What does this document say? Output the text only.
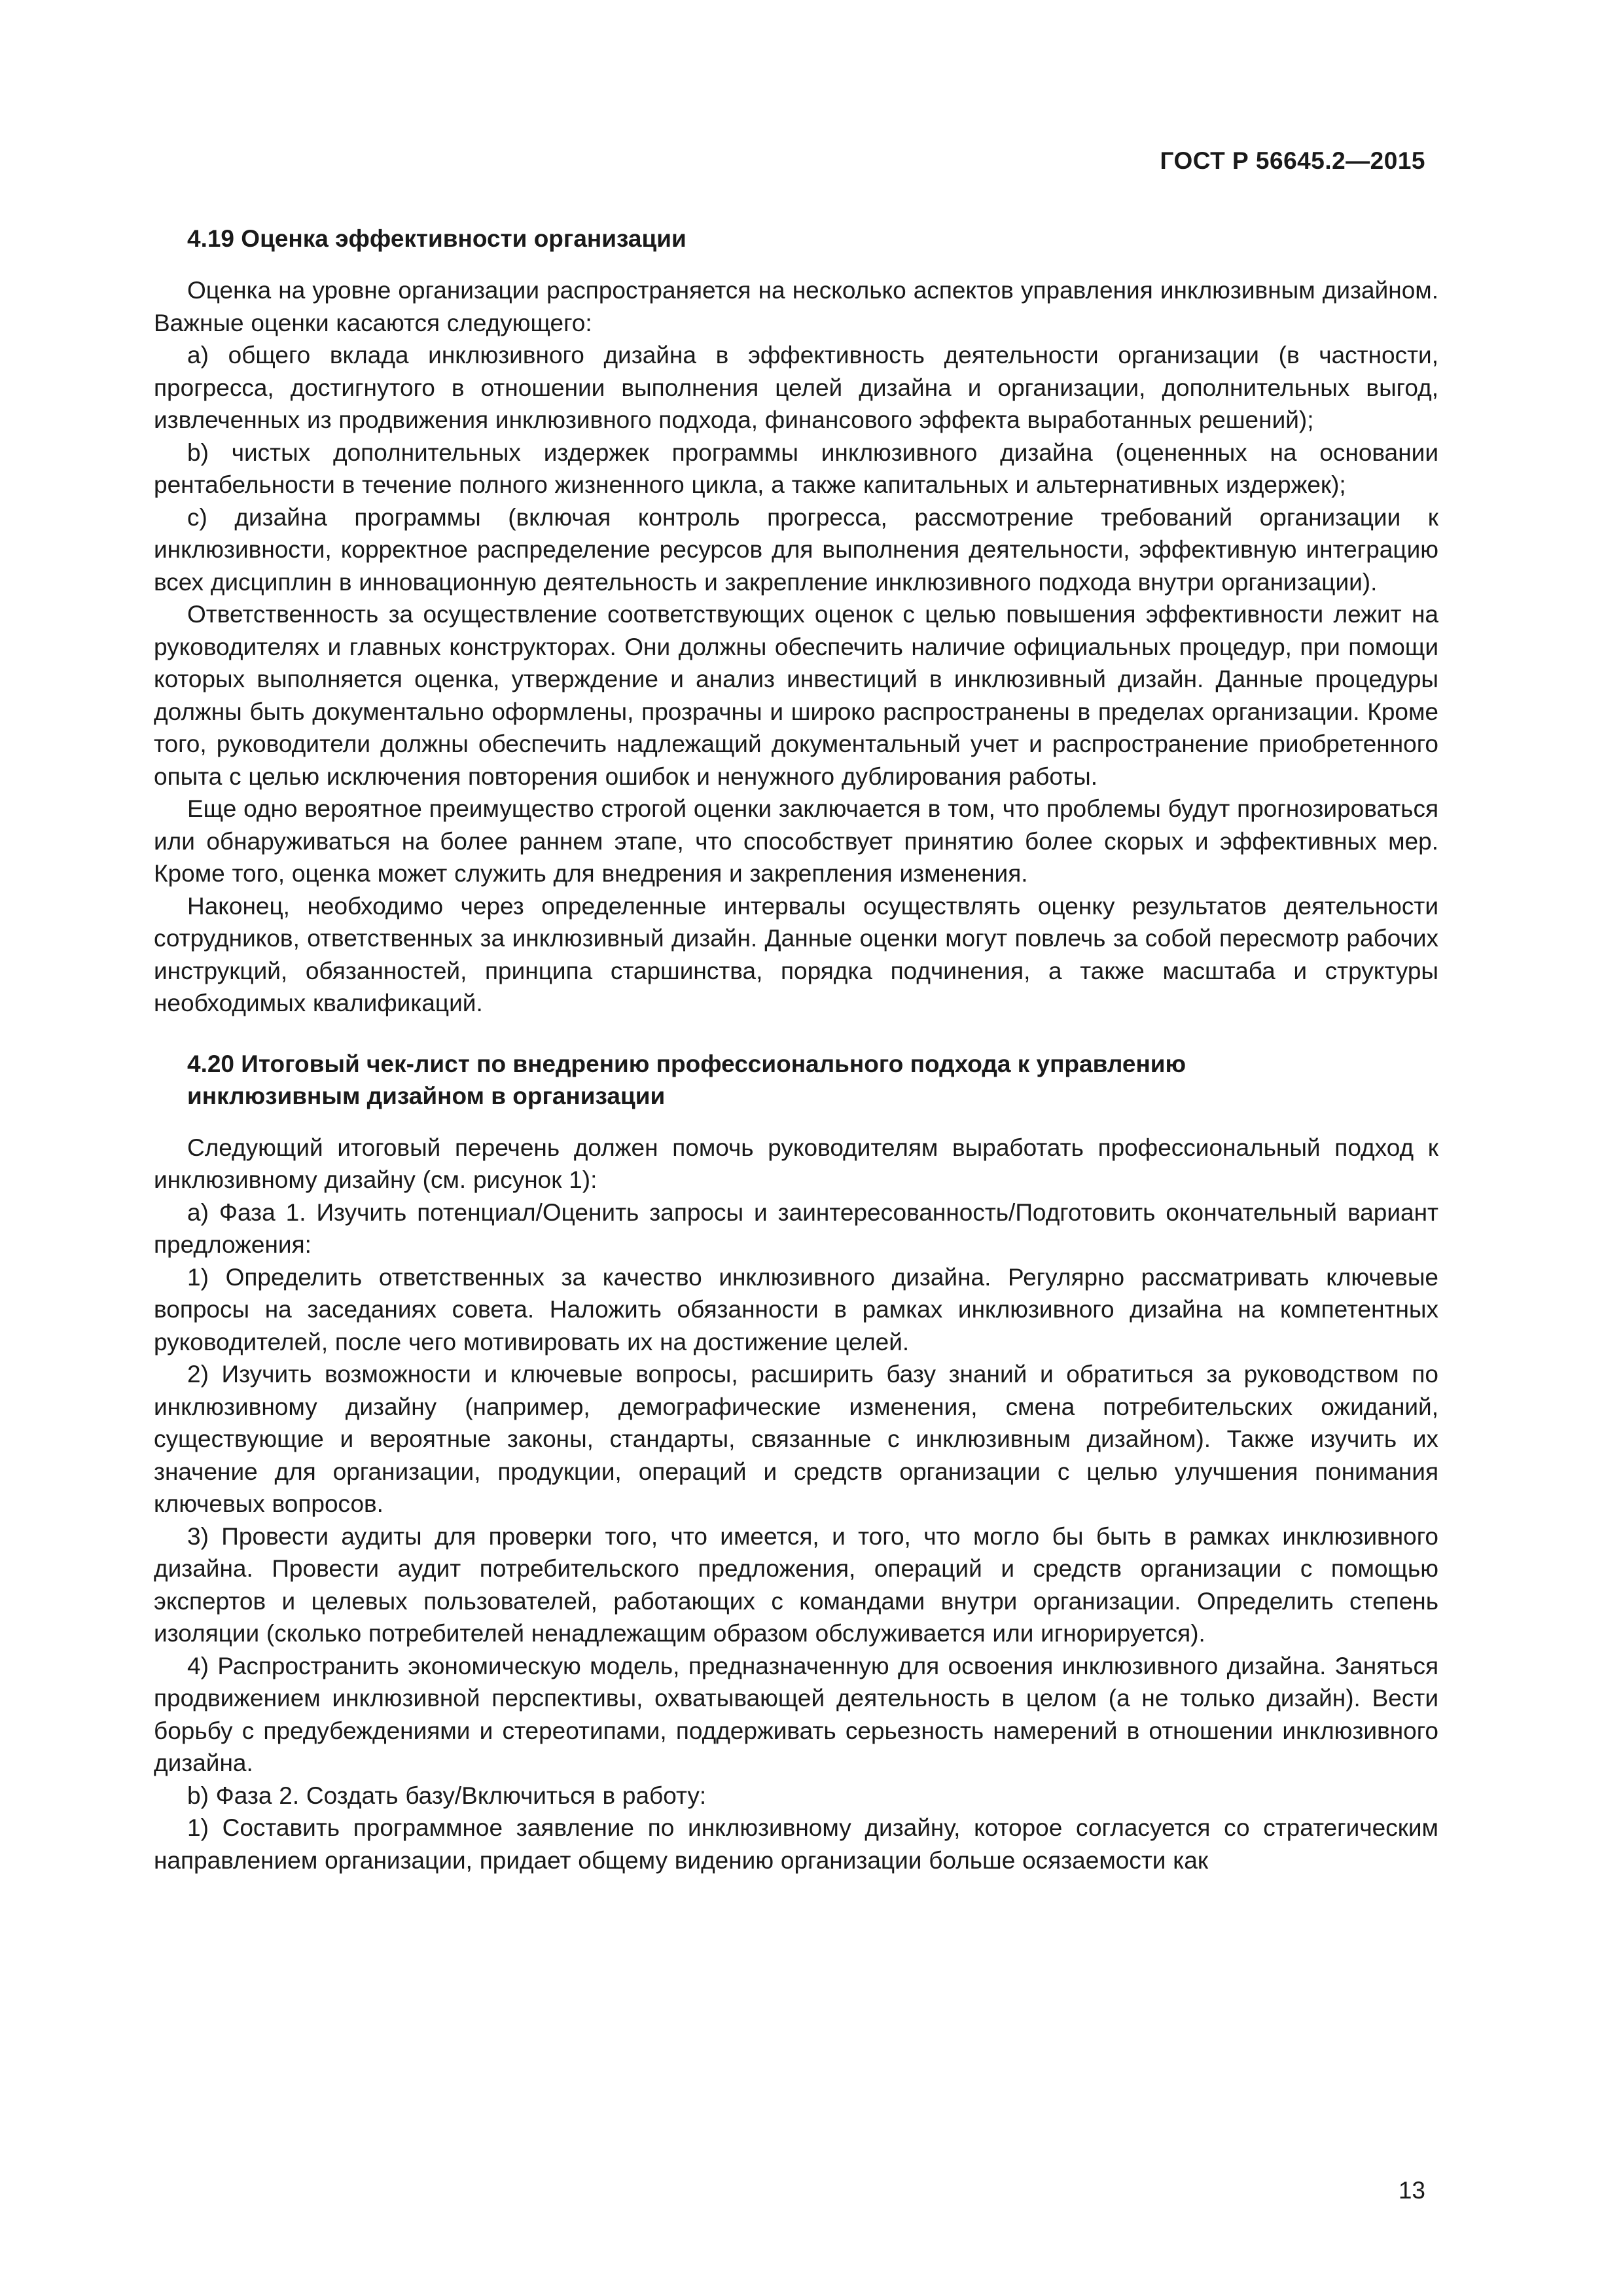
ГОСТ Р 56645.2—2015
4.19 Оценка эффективности организации

Оценка на уровне организации распространяется на несколько аспектов управления инклюзивным дизайном. Важные оценки касаются следующего:

a) общего вклада инклюзивного дизайна в эффективность деятельности организации (в частности, прогресса, достигнутого в отношении выполнения целей дизайна и организации, дополнительных выгод, извлеченных из продвижения инклюзивного подхода, финансового эффекта выработанных решений);

b) чистых дополнительных издержек программы инклюзивного дизайна (оцененных на основании рентабельности в течение полного жизненного цикла, а также капитальных и альтернативных издержек);

c) дизайна программы (включая контроль прогресса, рассмотрение требований организации к инклюзивности, корректное распределение ресурсов для выполнения деятельности, эффективную интеграцию всех дисциплин в инновационную деятельность и закрепление инклюзивного подхода внутри организации).

Ответственность за осуществление соответствующих оценок с целью повышения эффективности лежит на руководителях и главных конструкторах. Они должны обеспечить наличие официальных процедур, при помощи которых выполняется оценка, утверждение и анализ инвестиций в инклюзивный дизайн. Данные процедуры должны быть документально оформлены, прозрачны и широко распространены в пределах организации. Кроме того, руководители должны обеспечить надлежащий документальный учет и распространение приобретенного опыта с целью исключения повторения ошибок и ненужного дублирования работы.

Еще одно вероятное преимущество строгой оценки заключается в том, что проблемы будут прогнозироваться или обнаруживаться на более раннем этапе, что способствует принятию более скорых и эффективных мер. Кроме того, оценка может служить для внедрения и закрепления изменения.

Наконец, необходимо через определенные интервалы осуществлять оценку результатов деятельности сотрудников, ответственных за инклюзивный дизайн. Данные оценки могут повлечь за собой пересмотр рабочих инструкций, обязанностей, принципа старшинства, порядка подчинения, а также масштаба и структуры необходимых квалификаций.

4.20 Итоговый чек-лист по внедрению профессионального подхода к управлению
инклюзивным дизайном в организации

Следующий итоговый перечень должен помочь руководителям выработать профессиональный подход к инклюзивному дизайну (см. рисунок 1):

a) Фаза 1. Изучить потенциал/Оценить запросы и заинтересованность/Подготовить окончательный вариант предложения:

1) Определить ответственных за качество инклюзивного дизайна. Регулярно рассматривать ключевые вопросы на заседаниях совета. Наложить обязанности в рамках инклюзивного дизайна на компетентных руководителей, после чего мотивировать их на достижение целей.

2) Изучить возможности и ключевые вопросы, расширить базу знаний и обратиться за руководством по инклюзивному дизайну (например, демографические изменения, смена потребительских ожиданий, существующие и вероятные законы, стандарты, связанные с инклюзивным дизайном). Также изучить их значение для организации, продукции, операций и средств организации с целью улучшения понимания ключевых вопросов.

3) Провести аудиты для проверки того, что имеется, и того, что могло бы быть в рамках инклюзивного дизайна. Провести аудит потребительского предложения, операций и средств организации с помощью экспертов и целевых пользователей, работающих с командами внутри организации. Определить степень изоляции (сколько потребителей ненадлежащим образом обслуживается или игнорируется).

4) Распространить экономическую модель, предназначенную для освоения инклюзивного дизайна. Заняться продвижением инклюзивной перспективы, охватывающей деятельность в целом (а не только дизайн). Вести борьбу с предубеждениями и стереотипами, поддерживать серьезность намерений в отношении инклюзивного дизайна.

b) Фаза 2. Создать базу/Включиться в работу:

1) Составить программное заявление по инклюзивному дизайну, которое согласуется со стратегическим направлением организации, придает общему видению организации больше осязаемости как

13
